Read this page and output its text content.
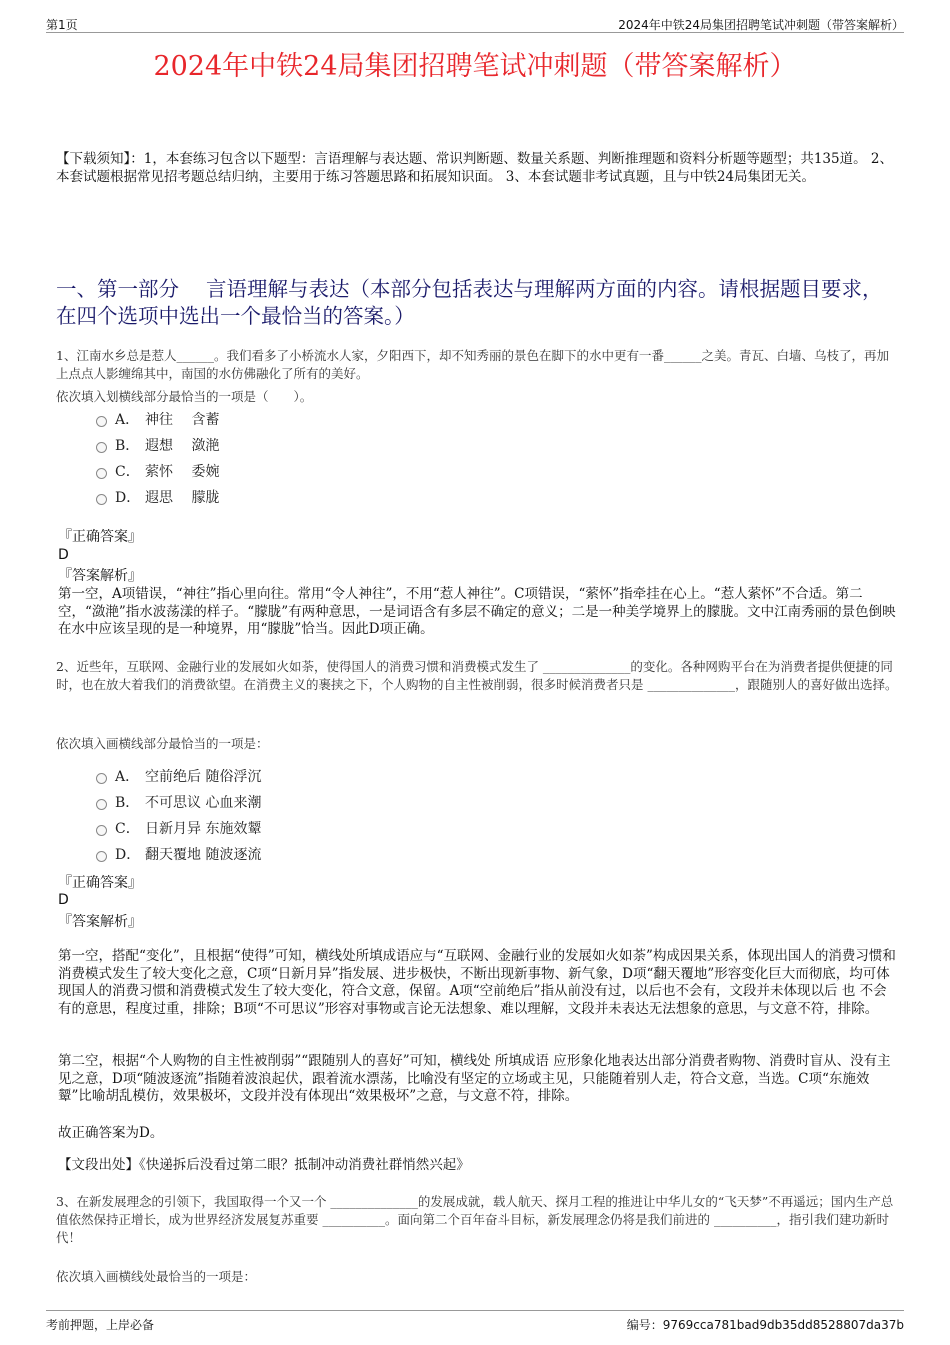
第1页	2024年中铁24局集团招聘笔试冲刺题（带答案解析）
2024年中铁24局集团招聘笔试冲刺题（带答案解析）
【下载须知】：1，本套练习包含以下题型：言语理解与表达题、常识判断题、数量关系题、判断推理题和资料分析题等题型；共135道。 2、本套试题根据常见招考题总结归纳，主要用于练习答题思路和拓展知识面。 3、本套试题非考试真题，且与中铁24局集团无关。
一、第一部分　 言语理解与表达（本部分包括表达与理解两方面的内容。请根据题目要求，在四个选项中选出一个最恰当的答案。）
1、江南水乡总是惹人______。我们看多了小桥流水人家，夕阳西下，却不知秀丽的景色在脚下的水中更有一番______之美。青瓦、白墙、乌枝了，再加上点点人影缠绵其中，南国的水仿佛融化了所有的美好。
依次填入划横线部分最恰当的一项是（　　）。
A． 神往　 含蓄
B． 遐想　 潋滟
C． 萦怀　 委婉
D． 遐思　 朦胧
『正确答案』
D
『答案解析』
第一空，A项错误，“神往”指心里向往。常用“令人神往”，不用“惹人神往”。C项错误，“萦怀”指牵挂在心上。“惹人萦怀”不合适。第二空，“潋滟”指水波荡漾的样子。“朦胧”有两种意思，一是词语含有多层不确定的意义；二是一种美学境界上的朦胧。文中江南秀丽的景色倒映在水中应该呈现的是一种境界，用“朦胧”恰当。因此D项正确。
2、近些年，互联网、金融行业的发展如火如荼，使得国人的消费习惯和消费模式发生了 ______________的变化。各种网购平台在为消费者提供便捷的同时，也在放大着我们的消费欲望。在消费主义的裹挟之下，个人购物的自主性被削弱，很多时候消费者只是 ______________，跟随别人的喜好做出选择。
依次填入画横线部分最恰当的一项是：
A． 空前绝后 随俗浮沉
B． 不可思议 心血来潮
C． 日新月异 东施效颦
D． 翻天覆地 随波逐流
『正确答案』
D
『答案解析』
第一空，搭配“变化”，且根据“使得”可知，横线处所填成语应与“互联网、金融行业的发展如火如荼”构成因果关系，体现出国人的消费习惯和消费模式发生了较大变化之意，C项“日新月异”指发展、进步极快，不断出现新事物、新气象，D项“翻天覆地”形容变化巨大而彻底，均可体现国人的消费习惯和消费模式发生了较大变化，符合文意，保留。A项“空前绝后”指从前没有过，以后也不会有，文段并未体现以后 也 不会有的意思，程度过重，排除；B项“不可思议”形容对事物或言论无法想象、难以理解，文段并未表达无法想象的意思，与文意不符，排除。
第二空，根据“个人购物的自主性被削弱”“跟随别人的喜好”可知，横线处 所填成语 应形象化地表达出部分消费者购物、消费时盲从、没有主见之意，D项“随波逐流”指随着波浪起伏，跟着流水漂荡，比喻没有坚定的立场或主见，只能随着别人走，符合文意，当选。C项“东施效颦”比喻胡乱模仿，效果极坏，文段并没有体现出“效果极坏”之意，与文意不符，排除。
故正确答案为D。
【文段出处】《快递拆后没看过第二眼？抵制冲动消费社群悄然兴起》
3、在新发展理念的引领下，我国取得一个又一个 ______________的发展成就，载人航天、探月工程的推进让中华儿女的“飞天梦”不再遥远；国内生产总值依然保持正增长，成为世界经济发展复苏重要 __________。面向第二个百年奋斗目标，新发展理念仍将是我们前进的 __________，指引我们建功新时代！
依次填入画横线处最恰当的一项是：
考前押题，上岸必备	编号：9769cca781bad9db35dd8528807da37b
